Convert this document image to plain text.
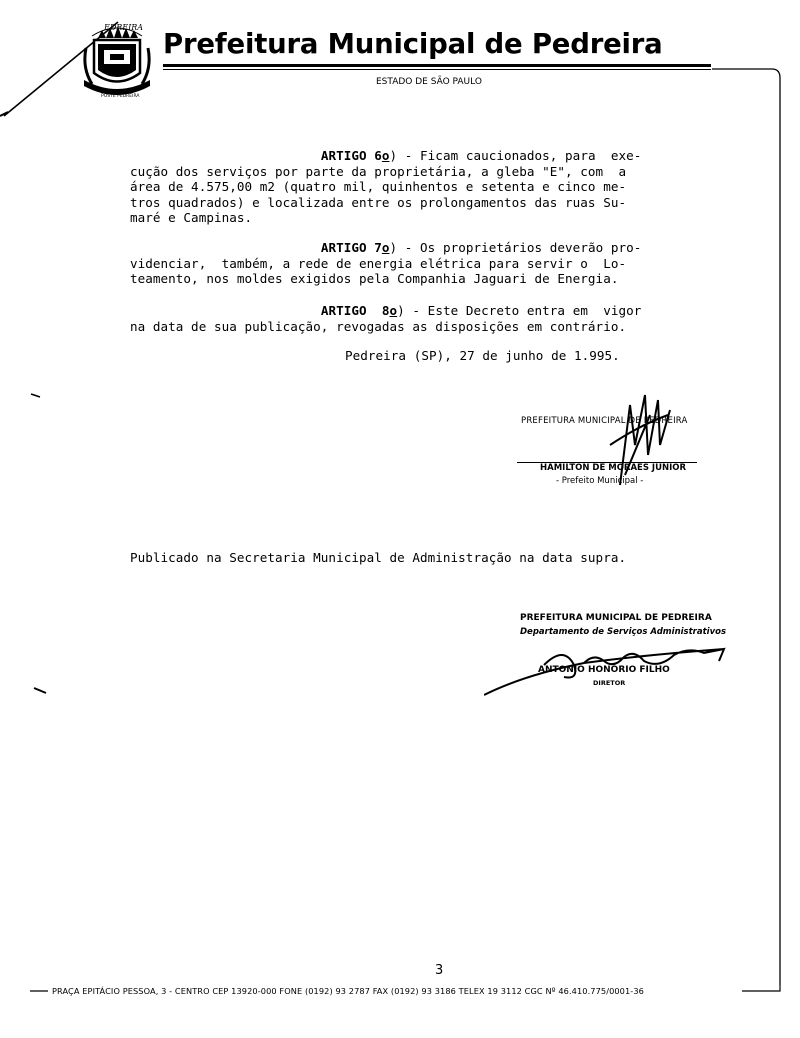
EDREIRA
POSTE PEDREIRA
Prefeitura Municipal de Pedreira
ESTADO DE SÃO PAULO
ARTIGO 6o) - Ficam caucionados, para  exe-
cução dos serviços por parte da proprietária, a gleba "E", com  a
área de 4.575,00 m2 (quatro mil, quinhentos e setenta e cinco me-
tros quadrados) e localizada entre os prolongamentos das ruas Su-
maré e Campinas.
ARTIGO 7o) - Os proprietários deverão pro-
videnciar,  também, a rede de energia elétrica para servir o  Lo-
teamento, nos moldes exigidos pela Companhia Jaguari de Energia.
ARTIGO  8o) - Este Decreto entra em  vigor
na data de sua publicação, revogadas as disposições em contrário.
Pedreira (SP), 27 de junho de 1.995.
PREFEITURA MUNICIPAL DE PEDREIRA
HAMILTON DE MORAES JUNIOR
- Prefeito Municipal -
Publicado na Secretaria Municipal de Administração na data supra.
PREFEITURA MUNICIPAL DE PEDREIRA
Departamento de Serviços Administrativos
ANTONIO HONORIO FILHO
DIRETOR
3
PRAÇA EPITÁCIO PESSOA, 3 - CENTRO CEP 13920-000 FONE (0192) 93 2787 FAX (0192) 93 3186 TELEX 19 3112 CGC Nº 46.410.775/0001-36
